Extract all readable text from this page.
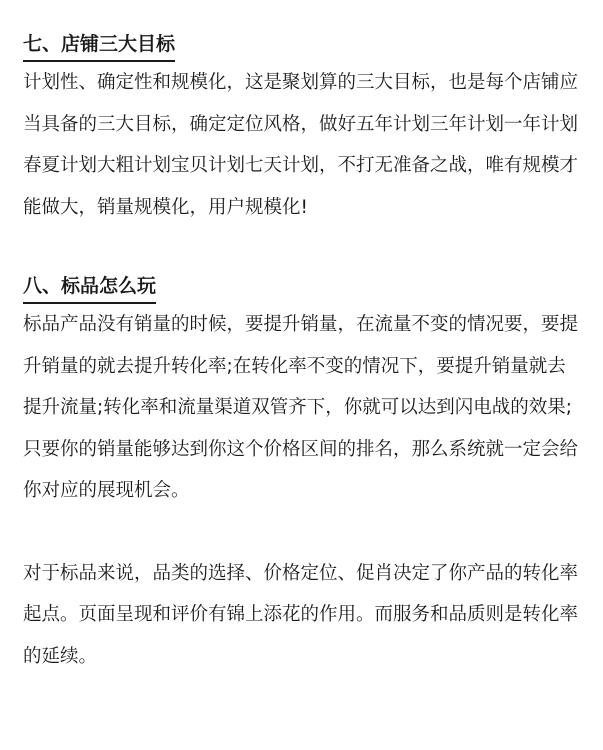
七、店铺三大目标

计划性、确定性和规模化，这是聚划算的三大目标，也是每个店铺应
当具备的三大目标，确定定位风格，做好五年计划三年计划一年计划
春夏计划大粗计划宝贝计划七天计划，不打无准备之战，唯有规模才
能做大，销量规模化，用户规模化!

八、标品怎么玩

标品产品没有销量的时候，要提升销量，在流量不变的情况要，要提
升销量的就去提升转化率;在转化率不变的情况下，要提升销量就去
提升流量;转化率和流量渠道双管齐下，你就可以达到闪电战的效果;
只要你的销量能够达到你这个价格区间的排名，那么系统就一定会给
你对应的展现机会。

对于标品来说，品类的选择、价格定位、促肖决定了你产品的转化率
起点。页面呈现和评价有锦上添花的作用。而服务和品质则是转化率
的延续。
